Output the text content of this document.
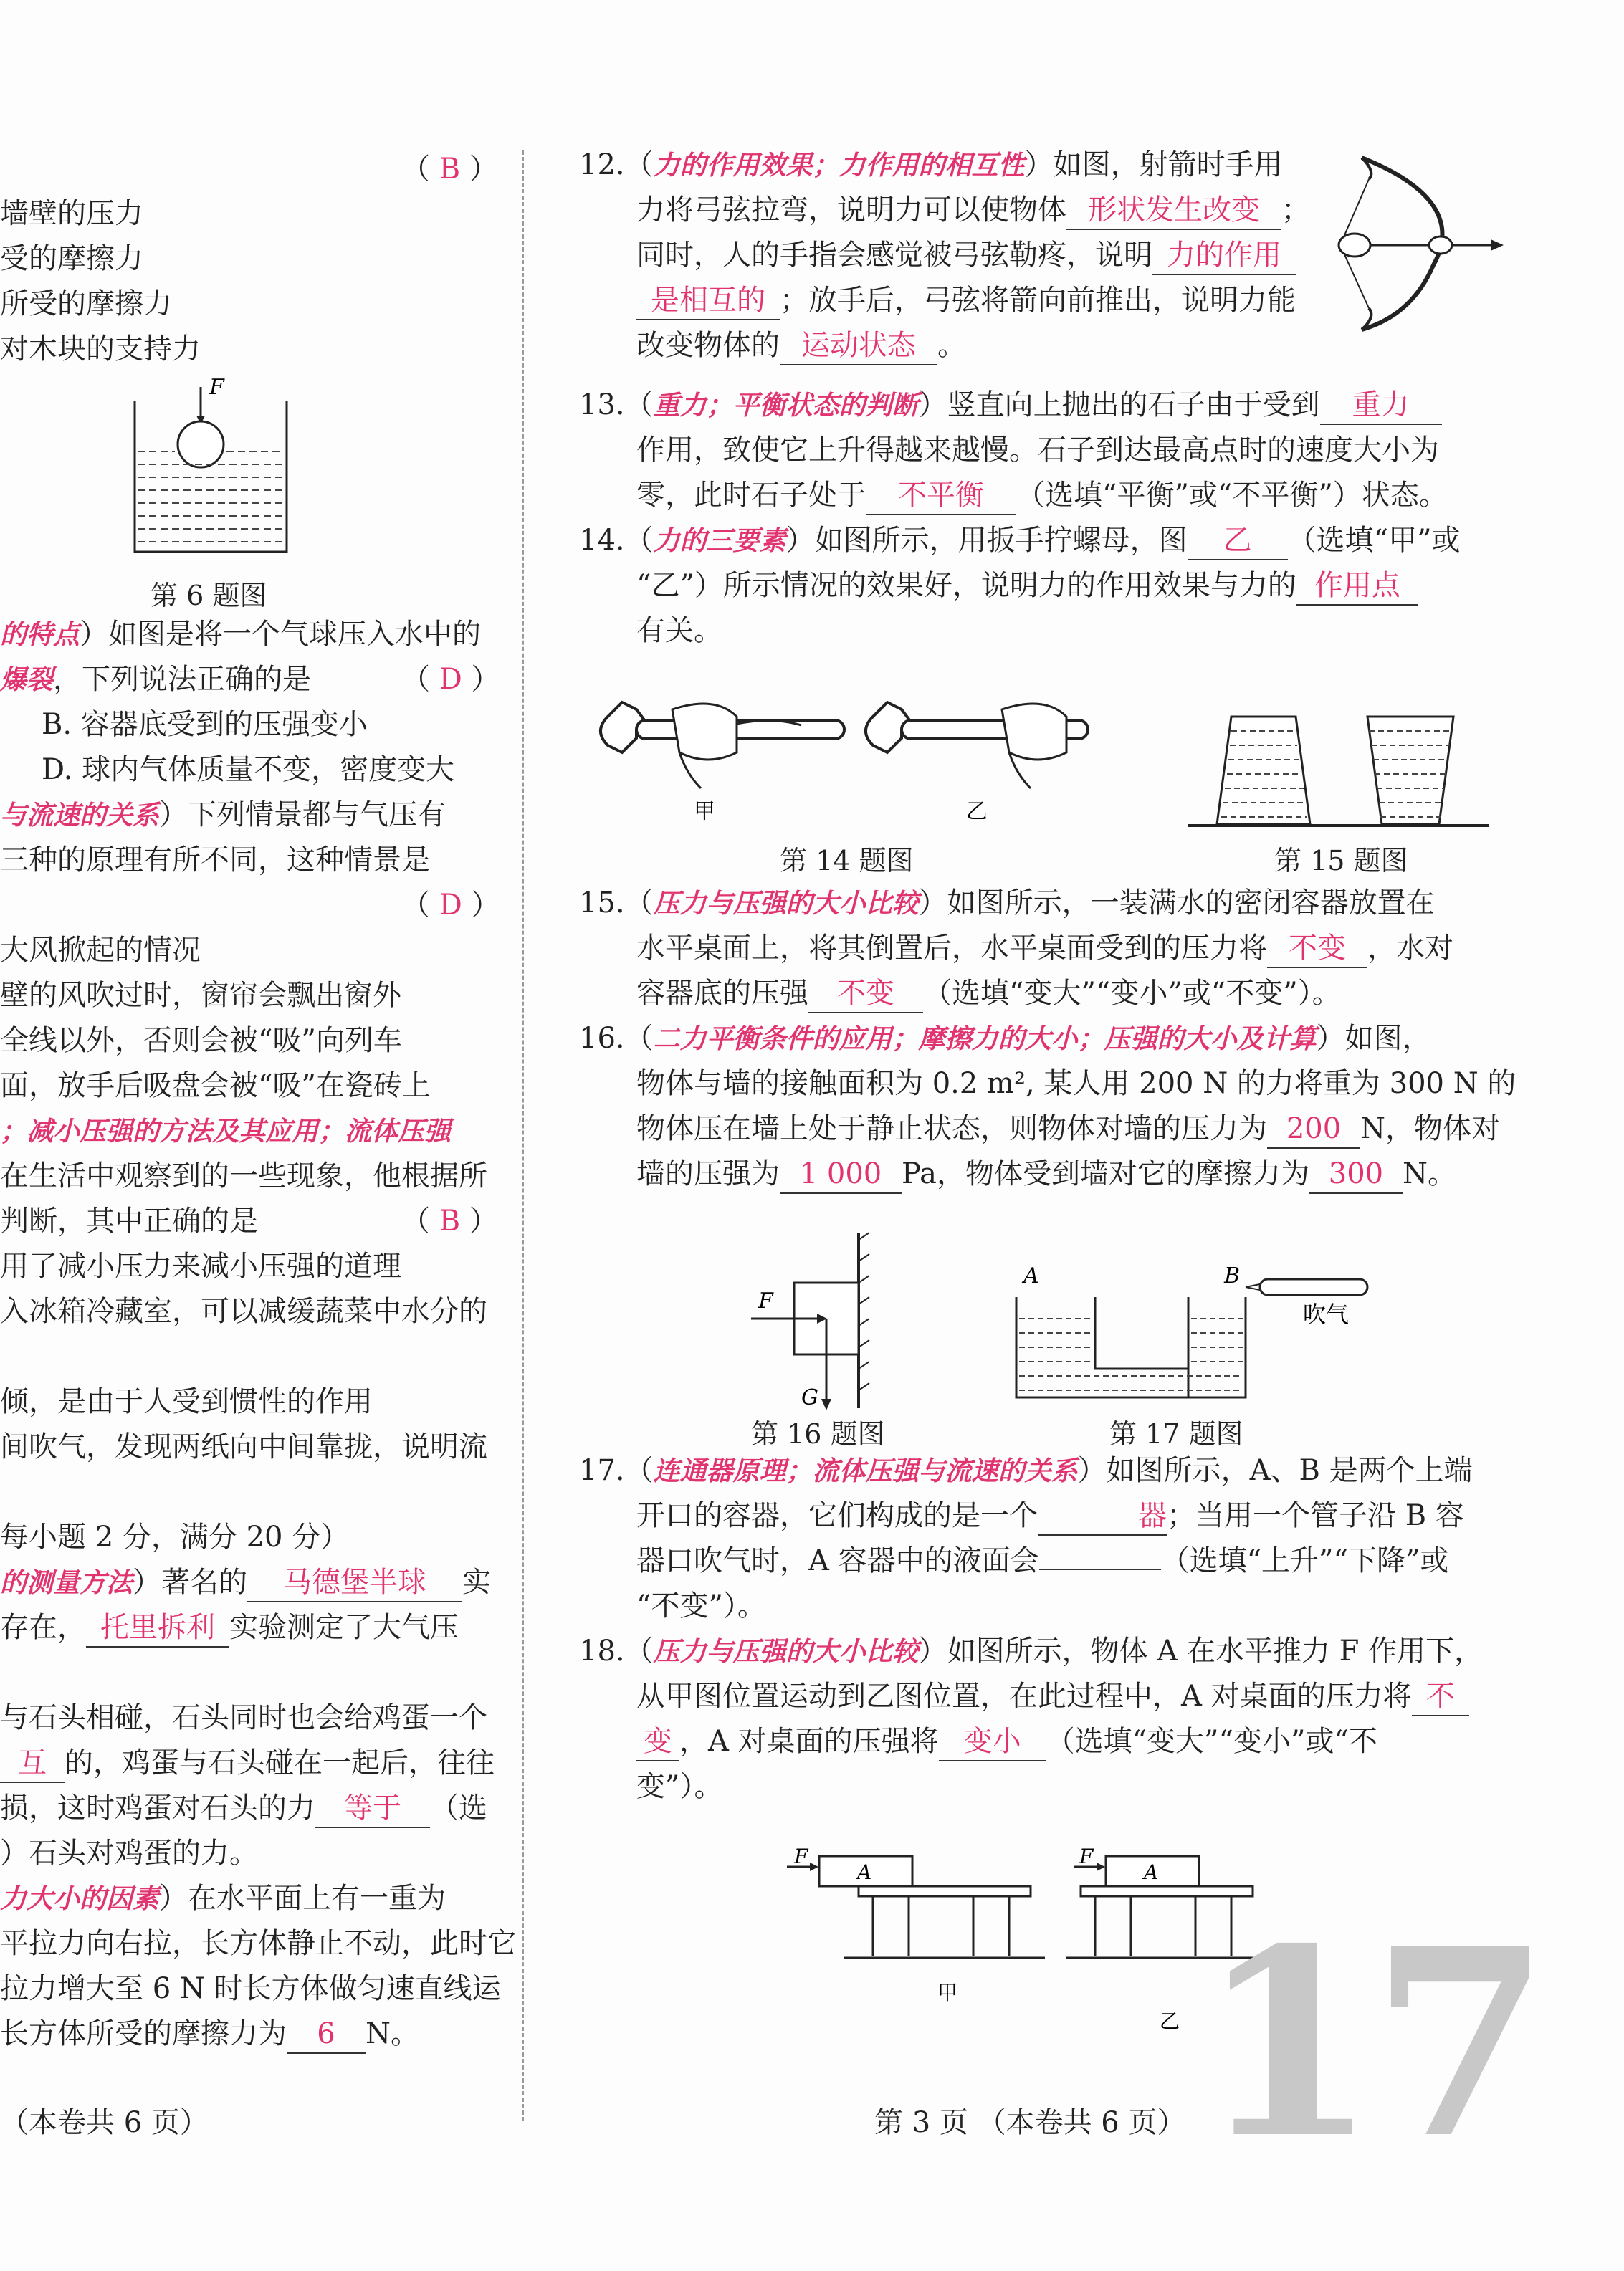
（ B ）
墙壁的压力
受的摩擦力
所受的摩擦力
对木块的支持力
F
第 6 题图
的特点）如图是将一个气球压入水中的
爆裂，下列说法正确的是	（ D ）
B. 容器底受到的压强变小
D. 球内气体质量不变，密度变大
与流速的关系）下列情景都与气压有
三种的原理有所不同，这种情景是
（ D ）
大风掀起的情况
壁的风吹过时，窗帘会飘出窗外
全线以外，否则会被“吸”向列车
面，放手后吸盘会被“吸”在瓷砖上
；减小压强的方法及其应用；流体压强
在生活中观察到的一些现象，他根据所
判断，其中正确的是	（ B ）
用了减小压力来减小压强的道理
入冰箱冷藏室，可以减缓蔬菜中水分的
倾，是由于人受到惯性的作用
间吹气，发现两纸向中间靠拢，说明流
每小题 2 分，满分 20 分）
的测量方法）著名的 马德堡半球 实
存在， 托里拆利 实验测定了大气压
与石头相碰，石头同时也会给鸡蛋一个
互 的，鸡蛋与石头碰在一起后，往往
损，这时鸡蛋对石头的力 等于 （选
）石头对鸡蛋的力。
力大小的因素）在水平面上有一重为
平拉力向右拉，长方体静止不动，此时它
拉力增大至 6 N 时长方体做匀速直线运
长方体所受的摩擦力为 6 N。
（本卷共 6 页）
12.（力的作用效果；力作用的相互性）如图，射箭时手用
力将弓弦拉弯，说明力可以使物体 形状发生改变 ；
同时，人的手指会感觉被弓弦勒疼，说明 力的作用
是相互的 ；放手后，弓弦将箭向前推出，说明力能
改变物体的 运动状态 。
13.（重力；平衡状态的判断）竖直向上抛出的石子由于受到 重力
作用，致使它上升得越来越慢。石子到达最高点时的速度大小为
零，此时石子处于 不平衡 （选填“平衡”或“不平衡”）状态。
14.（力的三要素）如图所示，用扳手拧螺母，图 乙 （选填“甲”或
“乙”）所示情况的效果好，说明力的作用效果与力的 作用点
有关。
甲	乙
第 14 题图	第 15 题图
15.（压力与压强的大小比较）如图所示，一装满水的密闭容器放置在
水平桌面上，将其倒置后，水平桌面受到的压力将 不变 ，水对
容器底的压强 不变 （选填“变大”“变小”或“不变”）。
16.（二力平衡条件的应用；摩擦力的大小；压强的大小及计算）如图，
物体与墙的接触面积为 0.2 m², 某人用 200 N 的力将重为 300 N 的
物体压在墙上处于静止状态，则物体对墙的压力为 200 N，物体对
墙的压强为 1 000 Pa，物体受到墙对它的摩擦力为 300 N。
F
G
第 16 题图
A	B
吹气
第 17 题图
17.（连通器原理；流体压强与流速的关系）如图所示，A、B 是两个上端
开口的容器，它们构成的是一个	器；当用一个管子沿 B 容
器口吹气时，A 容器中的液面会	（选填“上升”“下降”或
“不变”）。
18.（压力与压强的大小比较）如图所示，物体 A 在水平推力 F 作用下，
从甲图位置运动到乙图位置，在此过程中，A 对桌面的压力将 不
变 ，A 对桌面的压强将 变小 （选填“变大”“变小”或“不
变”）。
F
A
甲
F
A
乙 17
第 3 页 （本卷共 6 页）
